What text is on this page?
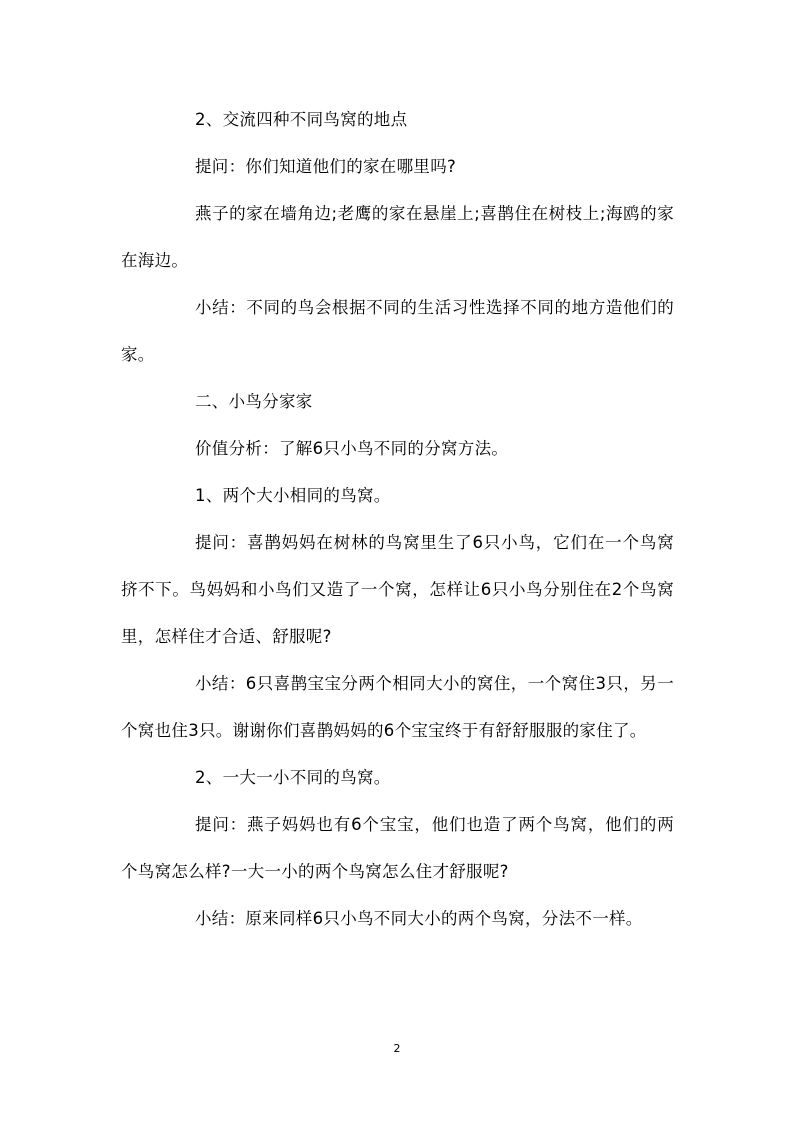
2、交流四种不同鸟窝的地点

提问：你们知道他们的家在哪里吗?

燕子的家在墙角边;老鹰的家在悬崖上;喜鹊住在树枝上;海鸥的家在海边。

小结：不同的鸟会根据不同的生活习性选择不同的地方造他们的家。

二、小鸟分家家

价值分析：了解6只小鸟不同的分窝方法。

1、两个大小相同的鸟窝。

提问：喜鹊妈妈在树林的鸟窝里生了6只小鸟，它们在一个鸟窝挤不下。鸟妈妈和小鸟们又造了一个窝，怎样让6只小鸟分别住在2个鸟窝里，怎样住才合适、舒服呢?

小结：6只喜鹊宝宝分两个相同大小的窝住，一个窝住3只，另一个窝也住3只。谢谢你们喜鹊妈妈的6个宝宝终于有舒舒服服的家住了。

2、一大一小不同的鸟窝。

提问：燕子妈妈也有6个宝宝，他们也造了两个鸟窝，他们的两个鸟窝怎么样?一大一小的两个鸟窝怎么住才舒服呢?

小结：原来同样6只小鸟不同大小的两个鸟窝，分法不一样。

2
